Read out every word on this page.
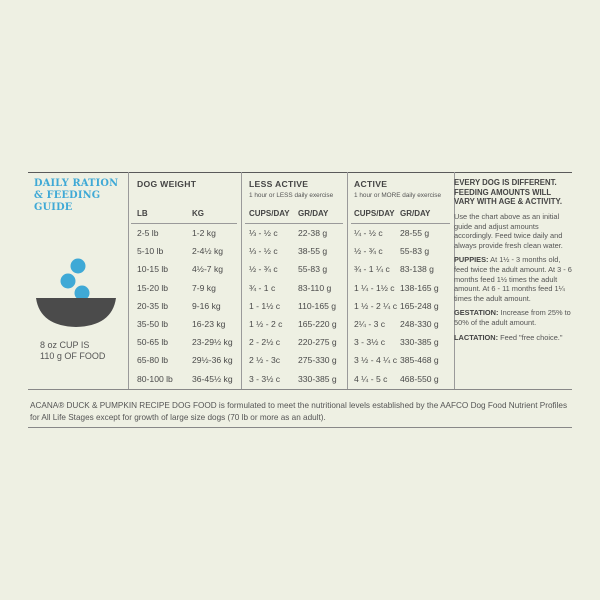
DAILY RATION
& FEEDING
GUIDE
8 oz CUP IS
110 g OF FOOD
DOG WEIGHT	LESS ACTIVE
1 hour or LESS daily exercise
ACTIVE
1 hour or MORE daily exercise
LB	KG	CUPS/DAY GR/DAY	CUPS/DAY GR/DAY
2-5 lb	1-2 kg	⅓ - ½ c 22-38 g	¼ - ½ c 28-55 g
5-10 lb	2-4½ kg	⅓ - ½ c 38-55 g	½ - ¾ c 55-83 g
10-15 lb	4½-7 kg	½ - ¾ c 55-83 g	¾ - 1 ¼ c 83-138 g
15-20 lb	7-9 kg	¾ - 1 c	83-110 g	1 ¼ - 1½ c 138-165 g
20-35 lb	9-16 kg	1 - 1½ c 110-165 g 1 ½ - 2 ¼ c 165-248 g
35-50 lb	16-23 kg	1 ½ - 2 c 165-220 g 2¼ - 3 c 248-330 g
50-65 lb	23-29½ kg 2 - 2½ c 220-275 g 3 - 3½ c 330-385 g
65-80 lb	29½-36 kg 2 ½ - 3c 275-330 g 3 ½ - 4 ¼ c 385-468 g
80-100 lb 36-45½ kg 3 - 3½ c 330-385 g 4 ¼ - 5 c 468-550 g
EVERY DOG IS DIFFERENT. FEEDING AMOUNTS WILL VARY WITH AGE & ACTIVITY.

Use the chart above as an initial guide and adjust amounts accordingly. Feed twice daily and always provide fresh clean water.

PUPPIES: At 1½ - 3 months old, feed twice the adult amount. At 3 - 6 months feed 1½ times the adult amount. At 6 - 11 months feed 1¼ times the adult amount.

GESTATION: Increase from 25% to 50% of the adult amount.

LACTATION: Feed "free choice."

ACANA® DUCK & PUMPKIN RECIPE DOG FOOD is formulated to meet the nutritional levels established by the AAFCO Dog Food Nutrient Profiles for All Life Stages except for growth of large size dogs (70 lb or more as an adult).
